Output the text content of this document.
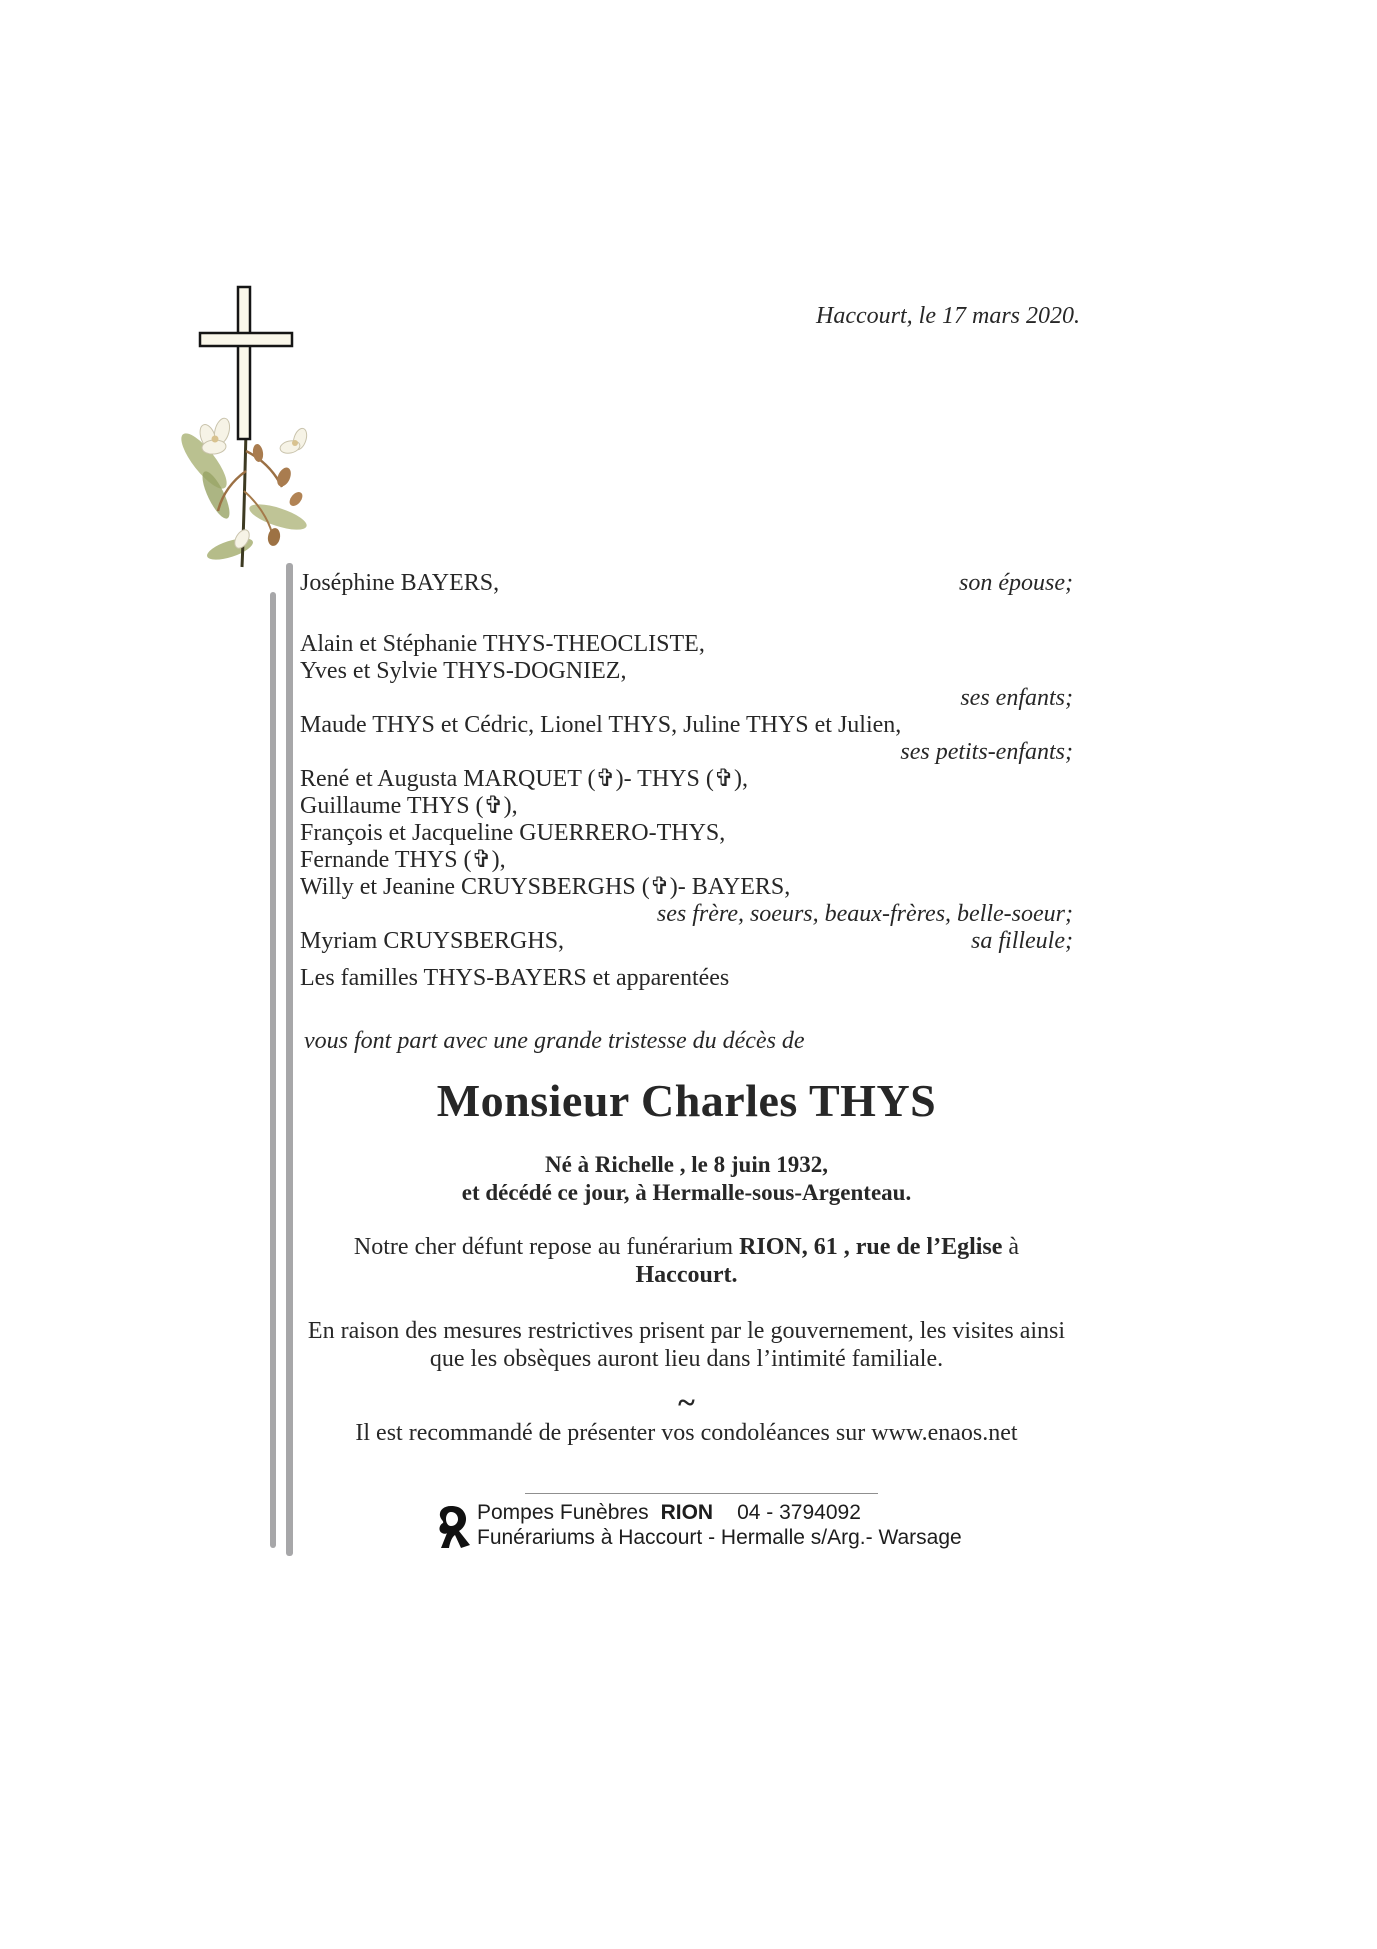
Haccourt, le 17 mars 2020.
Joséphine BAYERS,	son épouse;
Alain et Stéphanie THYS-THEOCLISTE,
Yves et Sylvie THYS-DOGNIEZ,
ses enfants;
Maude THYS et Cédric, Lionel THYS, Juline THYS et Julien,
ses petits-enfants;
René et Augusta MARQUET (✞)- THYS (✞),
Guillaume THYS (✞),
François et Jacqueline GUERRERO-THYS,
Fernande THYS (✞),
Willy et Jeanine CRUYSBERGHS (✞)- BAYERS,
ses frère, soeurs, beaux-frères, belle-soeur;
Myriam CRUYSBERGHS,	sa filleule;
Les familles THYS-BAYERS et apparentées
vous font part avec une grande tristesse du décès de
Monsieur Charles THYS
Né à Richelle , le 8 juin 1932,
et décédé ce jour, à Hermalle-sous-Argenteau.
Notre cher défunt repose au funérarium RION, 61 , rue de l’Eglise à Haccourt.
En raison des mesures restrictives prisent par le gouvernement, les visites ainsi
que les obsèques auront lieu dans l’intimité familiale.
~
Il est recommandé de présenter vos condoléances sur www.enaos.net
Pompes Funèbres RION 04 - 3794092
Funérariums à Haccourt - Hermalle s/Arg.- Warsage
